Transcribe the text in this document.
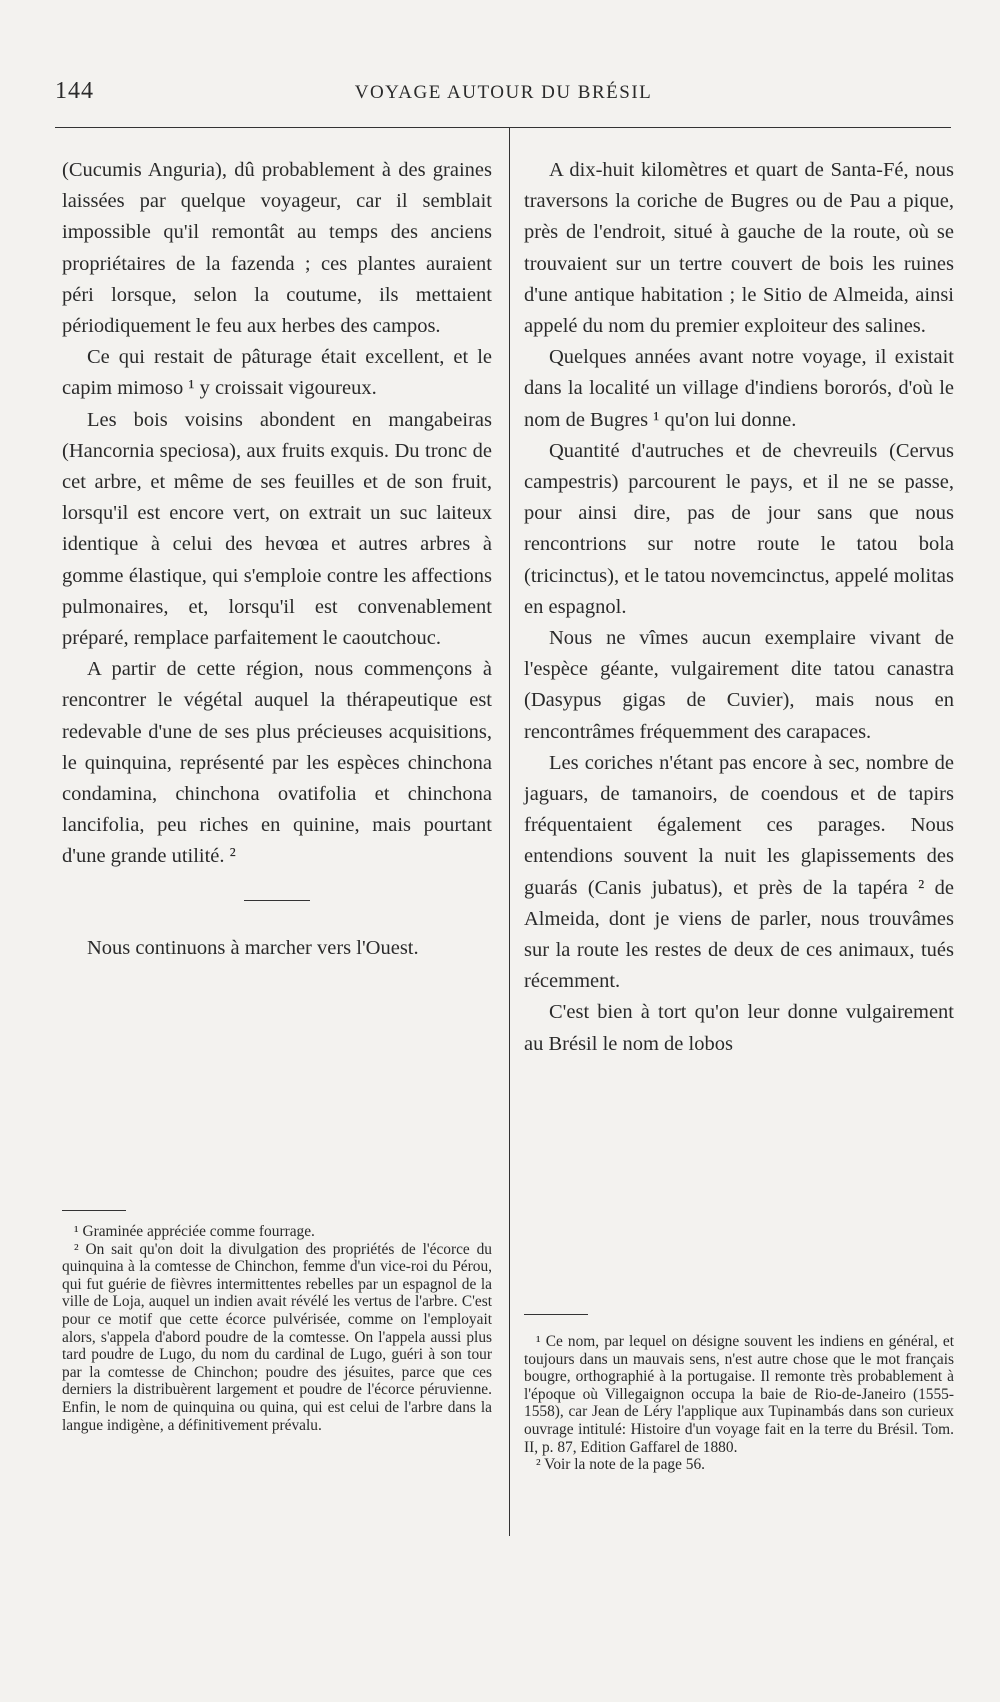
144	VOYAGE AUTOUR DU BRÉSIL

(Cucumis Anguria), dû probablement à des graines laissées par quelque voyageur, car il semblait impossible qu'il remontât au temps des anciens propriétaires de la fazenda ; ces plantes auraient péri lorsque, selon la coutume, ils mettaient périodiquement le feu aux herbes des campos.

Ce qui restait de pâturage était excellent, et le capim mimoso ¹ y croissait vigoureux.

Les bois voisins abondent en mangabeiras (Hancornia speciosa), aux fruits exquis. Du tronc de cet arbre, et même de ses feuilles et de son fruit, lorsqu'il est encore vert, on extrait un suc laiteux identique à celui des hevœa et autres arbres à gomme élastique, qui s'emploie contre les affections pulmonaires, et, lorsqu'il est convenablement préparé, remplace parfaitement le caoutchouc.

A partir de cette région, nous commençons à rencontrer le végétal auquel la thérapeutique est redevable d'une de ses plus précieuses acquisitions, le quinquina, représenté par les espèces chinchona condamina, chinchona ovatifolia et chinchona lancifolia, peu riches en quinine, mais pourtant d'une grande utilité. ²

Nous continuons à marcher vers l'Ouest.

¹ Graminée appréciée comme fourrage.

² On sait qu'on doit la divulgation des propriétés de l'écorce du quinquina à la comtesse de Chinchon, femme d'un vice-roi du Pérou, qui fut guérie de fièvres intermittentes rebelles par un espagnol de la ville de Loja, auquel un indien avait révélé les vertus de l'arbre. C'est pour ce motif que cette écorce pulvérisée, comme on l'employait alors, s'appela d'abord poudre de la comtesse. On l'appela aussi plus tard poudre de Lugo, du nom du cardinal de Lugo, guéri à son tour par la comtesse de Chinchon; poudre des jésuites, parce que ces derniers la distribuèrent largement et poudre de l'écorce péruvienne. Enfin, le nom de quinquina ou quina, qui est celui de l'arbre dans la langue indigène, a définitivement prévalu.

A dix-huit kilomètres et quart de Santa-Fé, nous traversons la coriche de Bugres ou de Pau a pique, près de l'endroit, situé à gauche de la route, où se trouvaient sur un tertre couvert de bois les ruines d'une antique habitation ; le Sitio de Almeida, ainsi appelé du nom du premier exploiteur des salines.

Quelques années avant notre voyage, il existait dans la localité un village d'indiens bororós, d'où le nom de Bugres ¹ qu'on lui donne.

Quantité d'autruches et de chevreuils (Cervus campestris) parcourent le pays, et il ne se passe, pour ainsi dire, pas de jour sans que nous rencontrions sur notre route le tatou bola (tricinctus), et le tatou novemcinctus, appelé molitas en espagnol.

Nous ne vîmes aucun exemplaire vivant de l'espèce géante, vulgairement dite tatou canastra (Dasypus gigas de Cuvier), mais nous en rencontrâmes fréquemment des carapaces.

Les coriches n'étant pas encore à sec, nombre de jaguars, de tamanoirs, de coendous et de tapirs fréquentaient également ces parages. Nous entendions souvent la nuit les glapissements des guarás (Canis jubatus), et près de la tapéra ² de Almeida, dont je viens de parler, nous trouvâmes sur la route les restes de deux de ces animaux, tués récemment.

C'est bien à tort qu'on leur donne vulgairement au Brésil le nom de lobos

¹ Ce nom, par lequel on désigne souvent les indiens en général, et toujours dans un mauvais sens, n'est autre chose que le mot français bougre, orthographié à la portugaise. Il remonte très probablement à l'époque où Villegaignon occupa la baie de Rio-de-Janeiro (1555-1558), car Jean de Léry l'applique aux Tupinambás dans son curieux ouvrage intitulé: Histoire d'un voyage fait en la terre du Brésil. Tom. II, p. 87, Edition Gaffarel de 1880.

² Voir la note de la page 56.
